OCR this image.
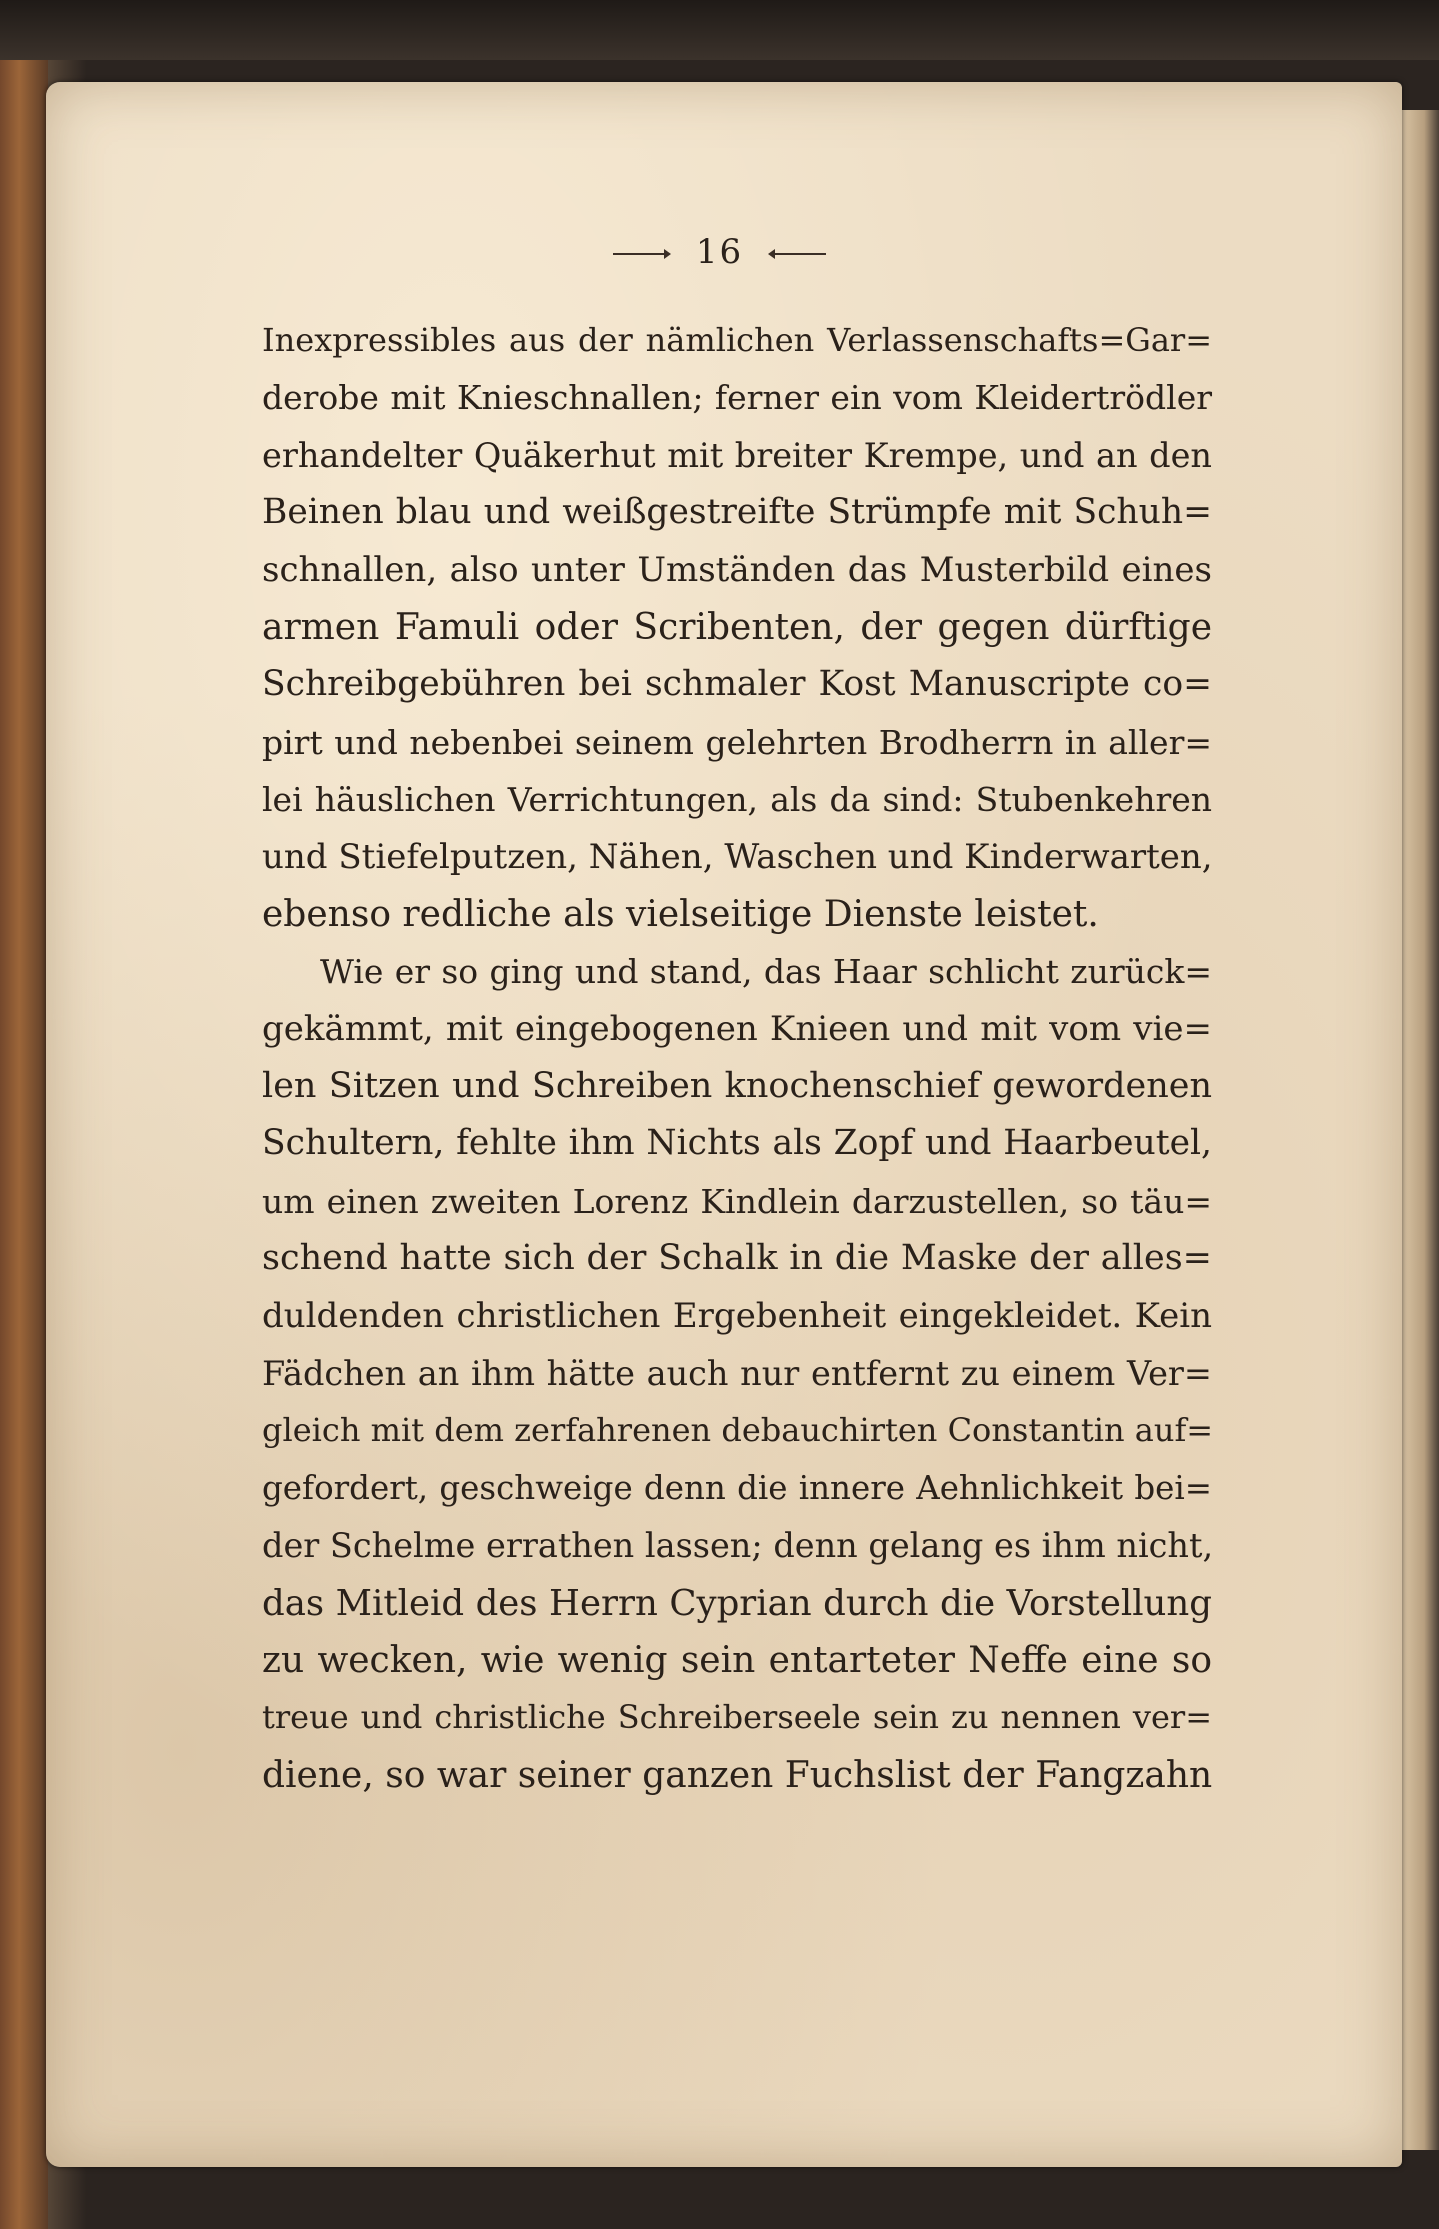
16
Inexpressibles aus der nämlichen Verlassenschafts=Gar=
derobe mit Knieschnallen; ferner ein vom Kleidertrödler
erhandelter Quäkerhut mit breiter Krempe, und an den
Beinen blau und weißgestreifte Strümpfe mit Schuh=
schnallen, also unter Umständen das Musterbild eines
armen Famuli oder Scribenten, der gegen dürftige
Schreibgebühren bei schmaler Kost Manuscripte co=
pirt und nebenbei seinem gelehrten Brodherrn in aller=
lei häuslichen Verrichtungen, als da sind: Stubenkehren
und Stiefelputzen, Nähen, Waschen und Kinderwarten,
ebenso redliche als vielseitige Dienste leistet.
Wie er so ging und stand, das Haar schlicht zurück=
gekämmt, mit eingebogenen Knieen und mit vom vie=
len Sitzen und Schreiben knochenschief gewordenen
Schultern, fehlte ihm Nichts als Zopf und Haarbeutel,
um einen zweiten Lorenz Kindlein darzustellen, so täu=
schend hatte sich der Schalk in die Maske der alles=
duldenden christlichen Ergebenheit eingekleidet. Kein
Fädchen an ihm hätte auch nur entfernt zu einem Ver=
gleich mit dem zerfahrenen debauchirten Constantin auf=
gefordert, geschweige denn die innere Aehnlichkeit bei=
der Schelme errathen lassen; denn gelang es ihm nicht,
das Mitleid des Herrn Cyprian durch die Vorstellung
zu wecken, wie wenig sein entarteter Neffe eine so
treue und christliche Schreiberseele sein zu nennen ver=
diene, so war seiner ganzen Fuchslist der Fangzahn
